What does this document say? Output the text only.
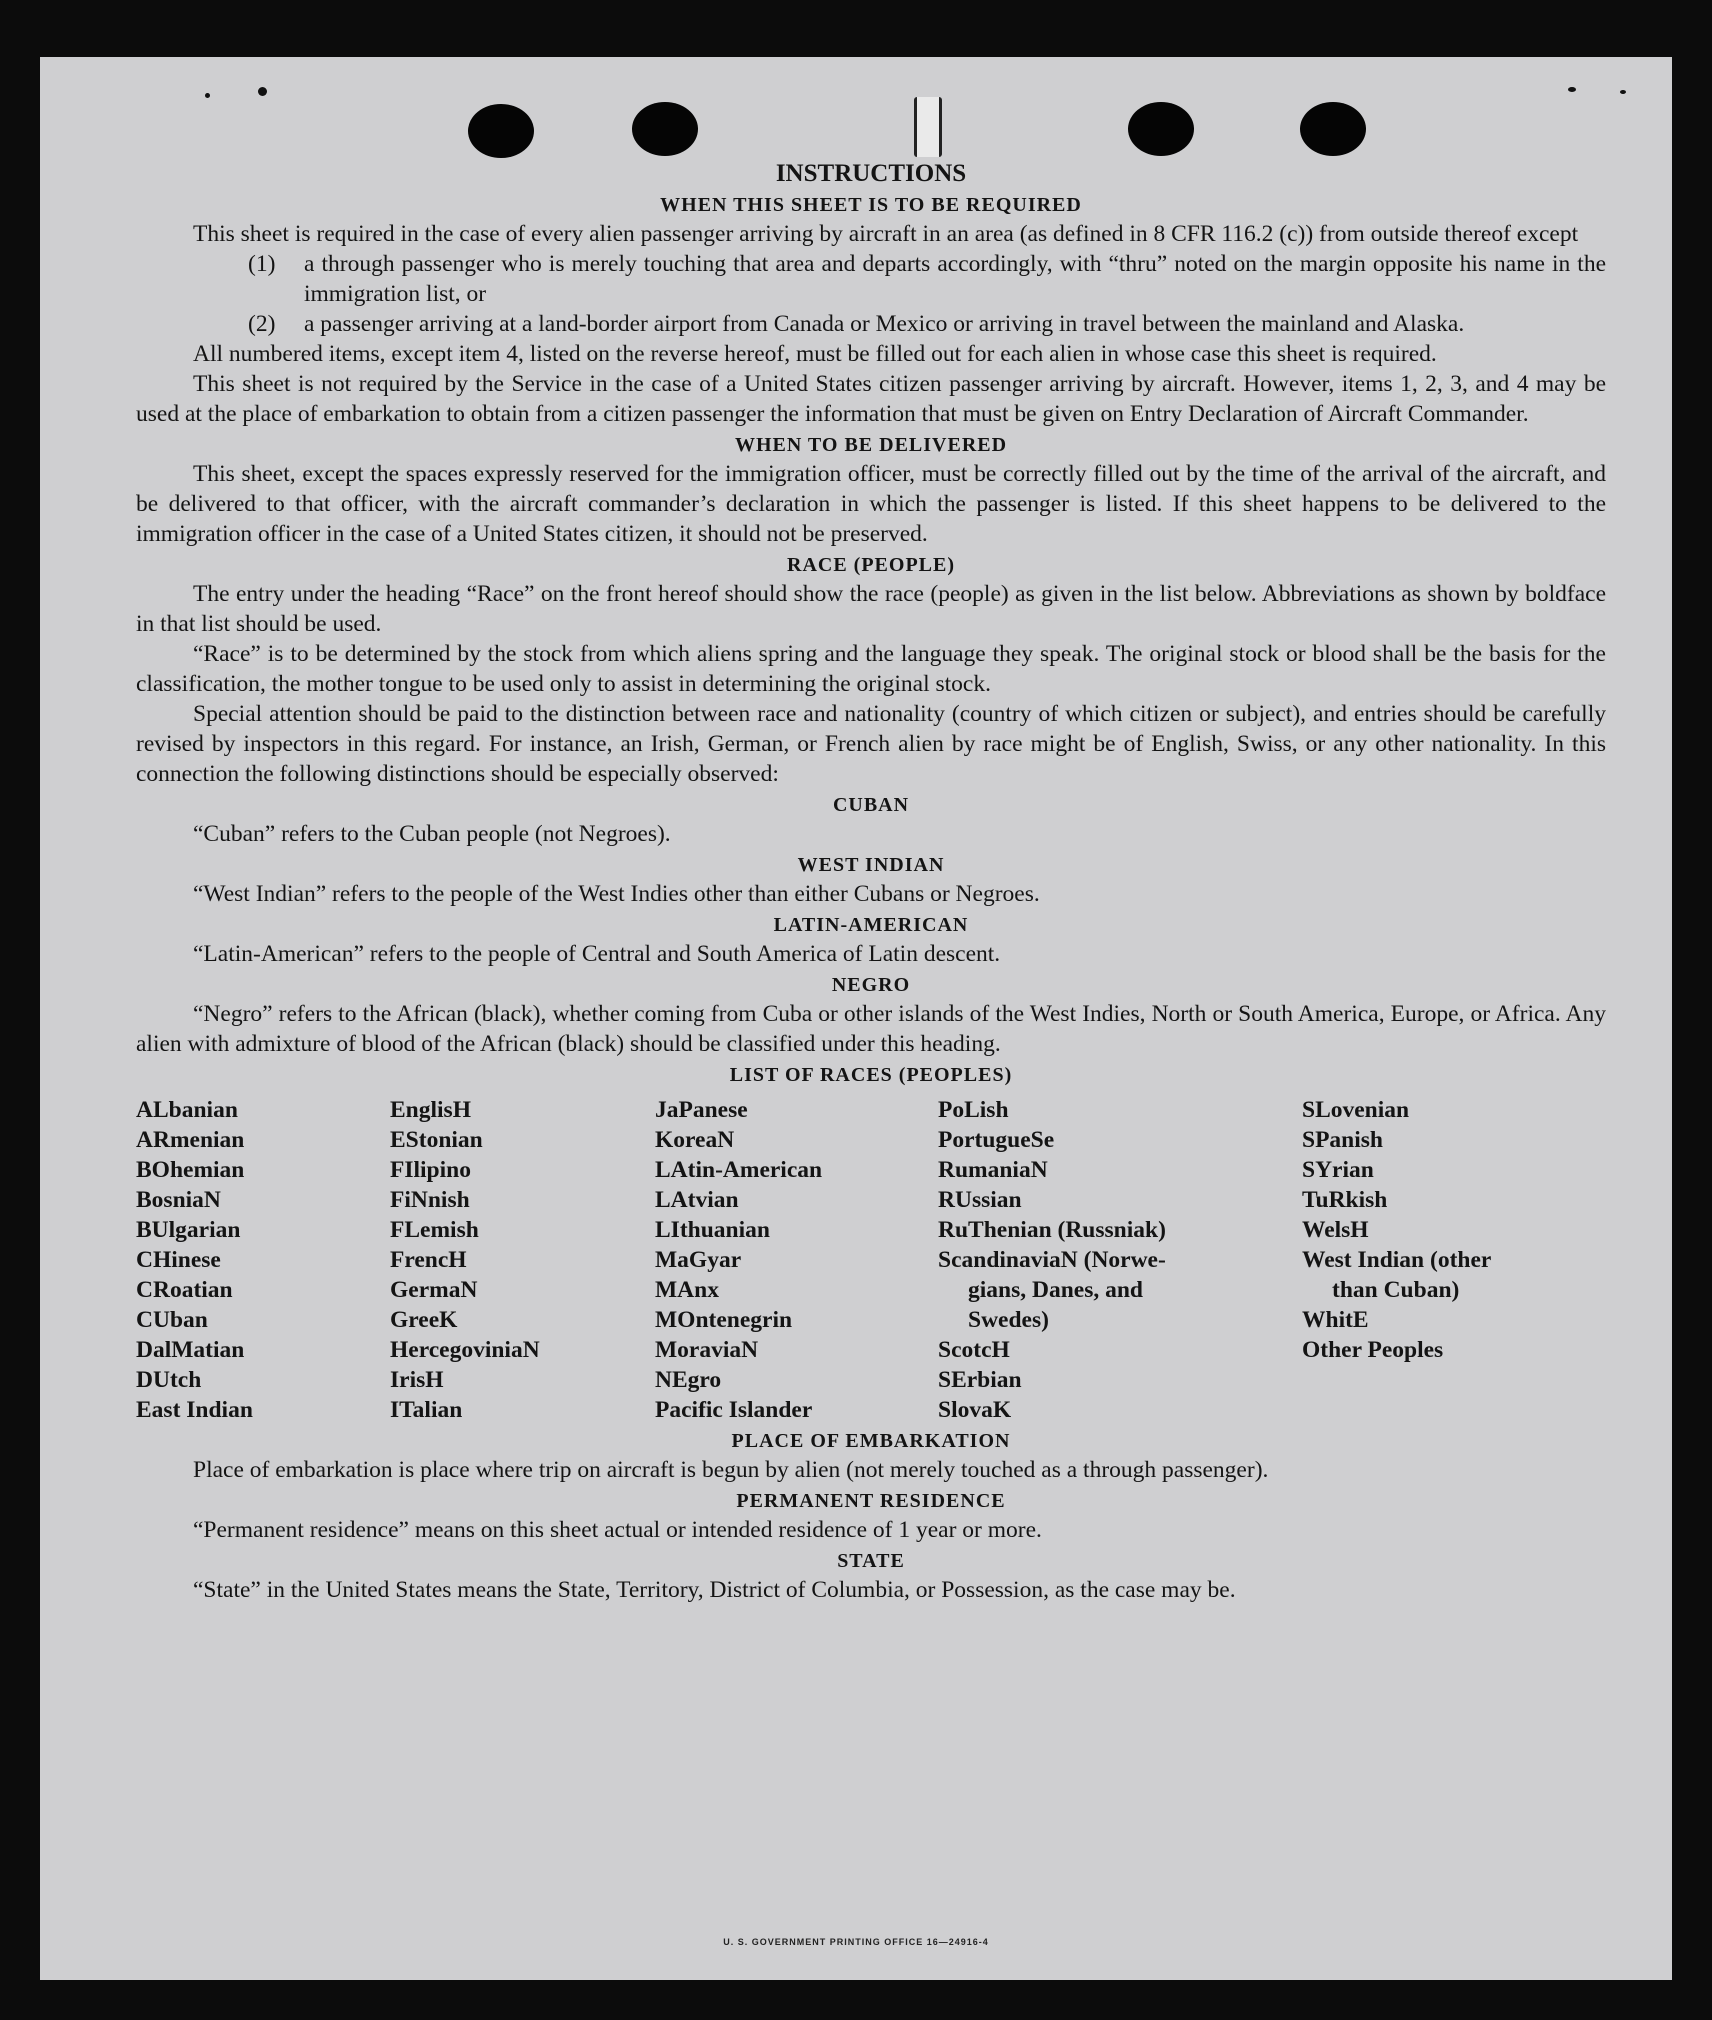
INSTRUCTIONS
WHEN THIS SHEET IS TO BE REQUIRED

This sheet is required in the case of every alien passenger arriving by aircraft in an area (as defined in 8 CFR 116.2 (c)) from outside thereof except

(1)	a through passenger who is merely touching that area and departs accordingly, with “thru” noted on the margin opposite his name in the immigration list, or
(2)	a passenger arriving at a land-border airport from Canada or Mexico or arriving in travel between the mainland and Alaska.

All numbered items, except item 4, listed on the reverse hereof, must be filled out for each alien in whose case this sheet is required.

This sheet is not required by the Service in the case of a United States citizen passenger arriving by aircraft. However, items 1, 2, 3, and 4 may be used at the place of embarkation to obtain from a citizen passenger the information that must be given on Entry Declaration of Aircraft Commander.

WHEN TO BE DELIVERED

This sheet, except the spaces expressly reserved for the immigration officer, must be correctly filled out by the time of the arrival of the aircraft, and be delivered to that officer, with the aircraft commander’s declaration in which the passenger is listed. If this sheet happens to be delivered to the immigration officer in the case of a United States citizen, it should not be preserved.

RACE (PEOPLE)

The entry under the heading “Race” on the front hereof should show the race (people) as given in the list below. Abbreviations as shown by boldface in that list should be used.

“Race” is to be determined by the stock from which aliens spring and the language they speak. The original stock or blood shall be the basis for the classification, the mother tongue to be used only to assist in determining the original stock.

Special attention should be paid to the distinction between race and nationality (country of which citizen or subject), and entries should be carefully revised by inspectors in this regard. For instance, an Irish, German, or French alien by race might be of English, Swiss, or any other nationality. In this connection the following distinctions should be especially observed:

CUBAN

“Cuban” refers to the Cuban people (not Negroes).

WEST INDIAN

“West Indian” refers to the people of the West Indies other than either Cubans or Negroes.

LATIN-AMERICAN

“Latin-American” refers to the people of Central and South America of Latin descent.

NEGRO

“Negro” refers to the African (black), whether coming from Cuba or other islands of the West Indies, North or South America, Europe, or Africa. Any alien with admixture of blood of the African (black) should be classified under this heading.

LIST OF RACES (PEOPLES)
ALbanian
ARmenian
BOhemian
BosniaN
BUlgarian
CHinese
CRoatian
CUban
DalMatian
DUtch
East Indian
EnglisH
EStonian
FIlipino
FiNnish
FLemish
FrencH
GermaN
GreeK
HercegoviniaN
IrisH
ITalian
JaPanese
KoreaN
LAtin-American
LAtvian
LIthuanian
MaGyar
MAnx
MOntenegrin
MoraviaN
NEgro
Pacific Islander
PoLish
PortugueSe
RumaniaN
RUssian
RuThenian (Russniak)
ScandinaviaN (Norwe-
gians, Danes, and
Swedes)
ScotcH
SErbian
SlovaK
SLovenian
SPanish
SYrian
TuRkish
WelsH
West Indian (other
than Cuban)
WhitE
Other Peoples
PLACE OF EMBARKATION

Place of embarkation is place where trip on aircraft is begun by alien (not merely touched as a through passenger).

PERMANENT RESIDENCE

“Permanent residence” means on this sheet actual or intended residence of 1 year or more.

STATE

“State” in the United States means the State, Territory, District of Columbia, or Possession, as the case may be.

U. S. GOVERNMENT PRINTING OFFICE 16—24916-4
